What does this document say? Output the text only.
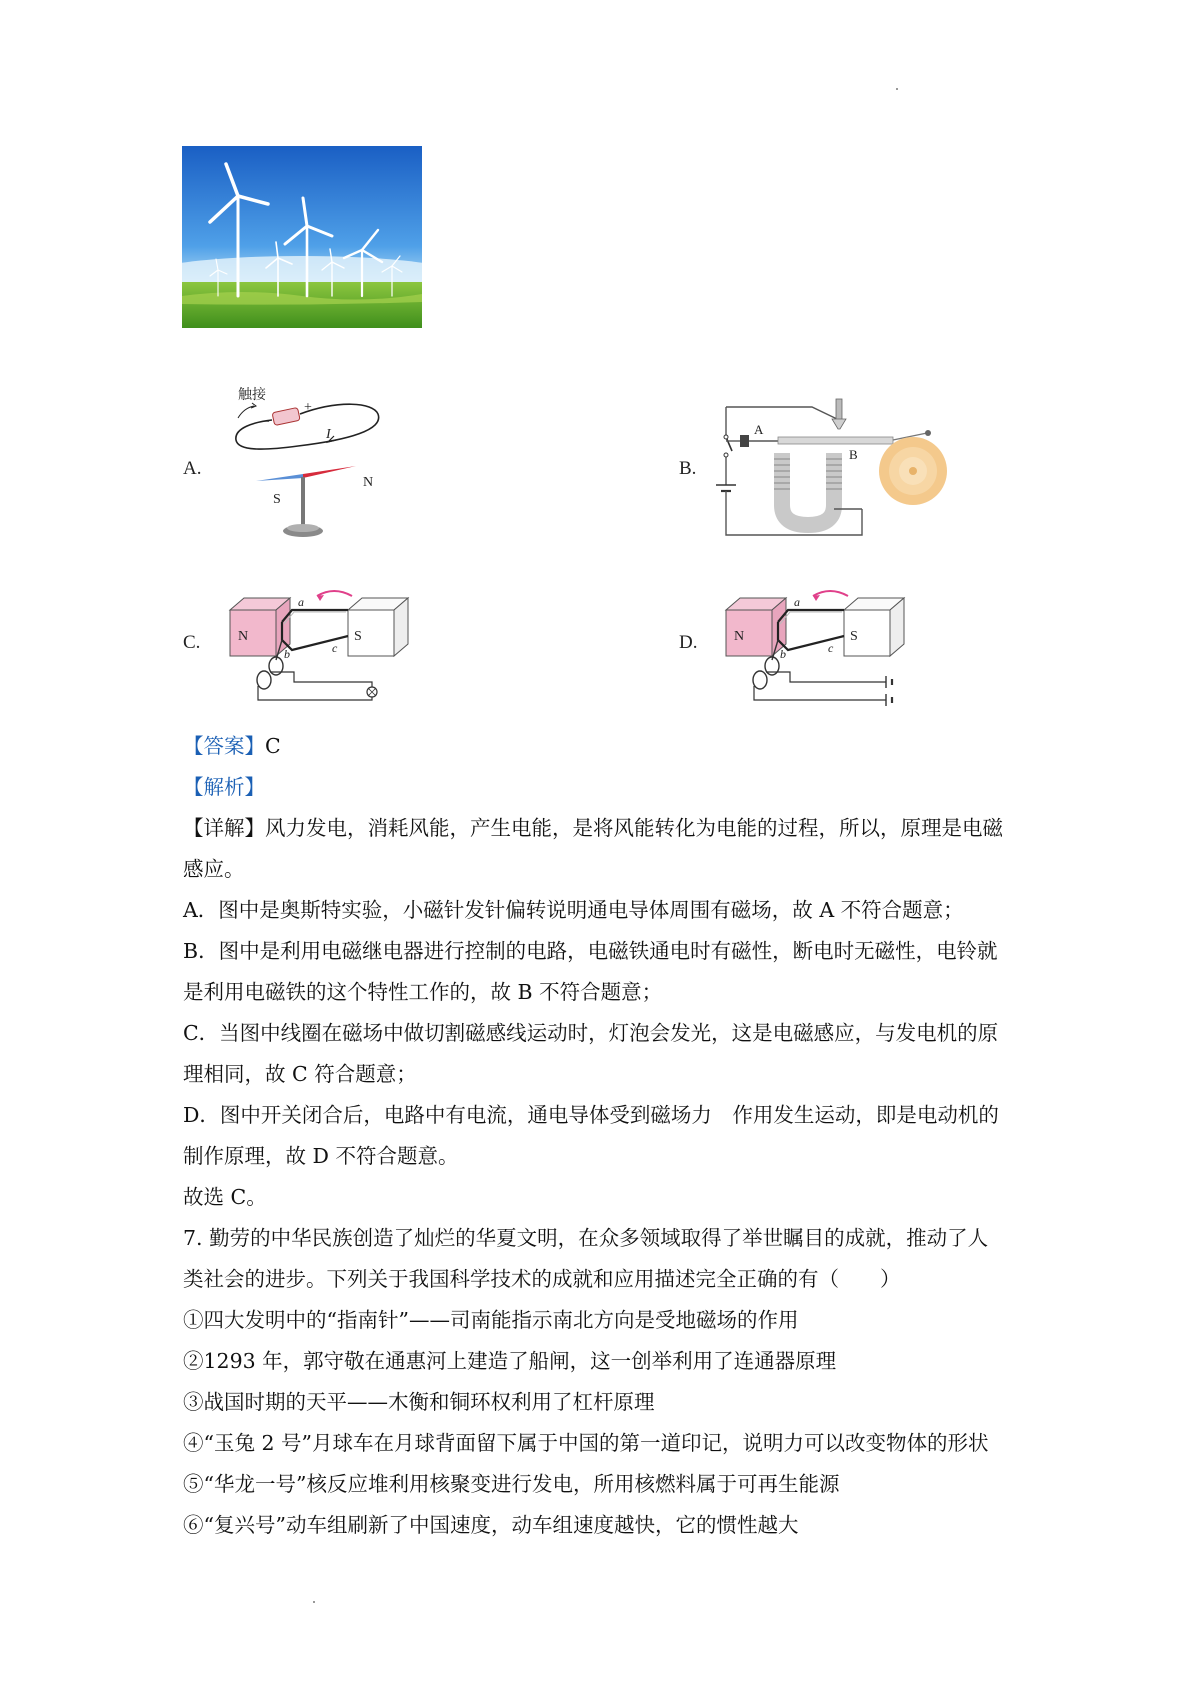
A.
触接
−
+
I
S
N
B.
A
B
C.	N	S
a
b	c	D.	N	S
a
b	c
【答案】C
【解析】
【详解】风力发电，消耗风能，产生电能，是将风能转化为电能的过程，所以，原理是电磁
感应。
A．图中是奥斯特实验，小磁针发针偏转说明通电导体周围有磁场，故 A 不符合题意；
B．图中是利用电磁继电器进行控制的电路，电磁铁通电时有磁性，断电时无磁性，电铃就
是利用电磁铁的这个特性工作的，故 B 不符合题意；
C．当图中线圈在磁场中做切割磁感线运动时，灯泡会发光，这是电磁感应，与发电机的原
理相同，故 C 符合题意；
D．图中开关闭合后，电路中有电流，通电导体受到磁场力　作用发生运动，即是电动机的
制作原理，故 D 不符合题意。
故选 C。
7. 勤劳的中华民族创造了灿烂的华夏文明，在众多领域取得了举世瞩目的成就，推动了人
类社会的进步。下列关于我国科学技术的成就和应用描述完全正确的有（　　）
①四大发明中的“指南针”——司南能指示南北方向是受地磁场的作用
②1293 年，郭守敬在通惠河上建造了船闸，这一创举利用了连通器原理
③战国时期的天平——木衡和铜环权利用了杠杆原理
④“玉兔 2 号”月球车在月球背面留下属于中国的第一道印记，说明力可以改变物体的形状
⑤“华龙一号”核反应堆利用核聚变进行发电，所用核燃料属于可再生能源
⑥“复兴号”动车组刷新了中国速度，动车组速度越快，它的惯性越大
